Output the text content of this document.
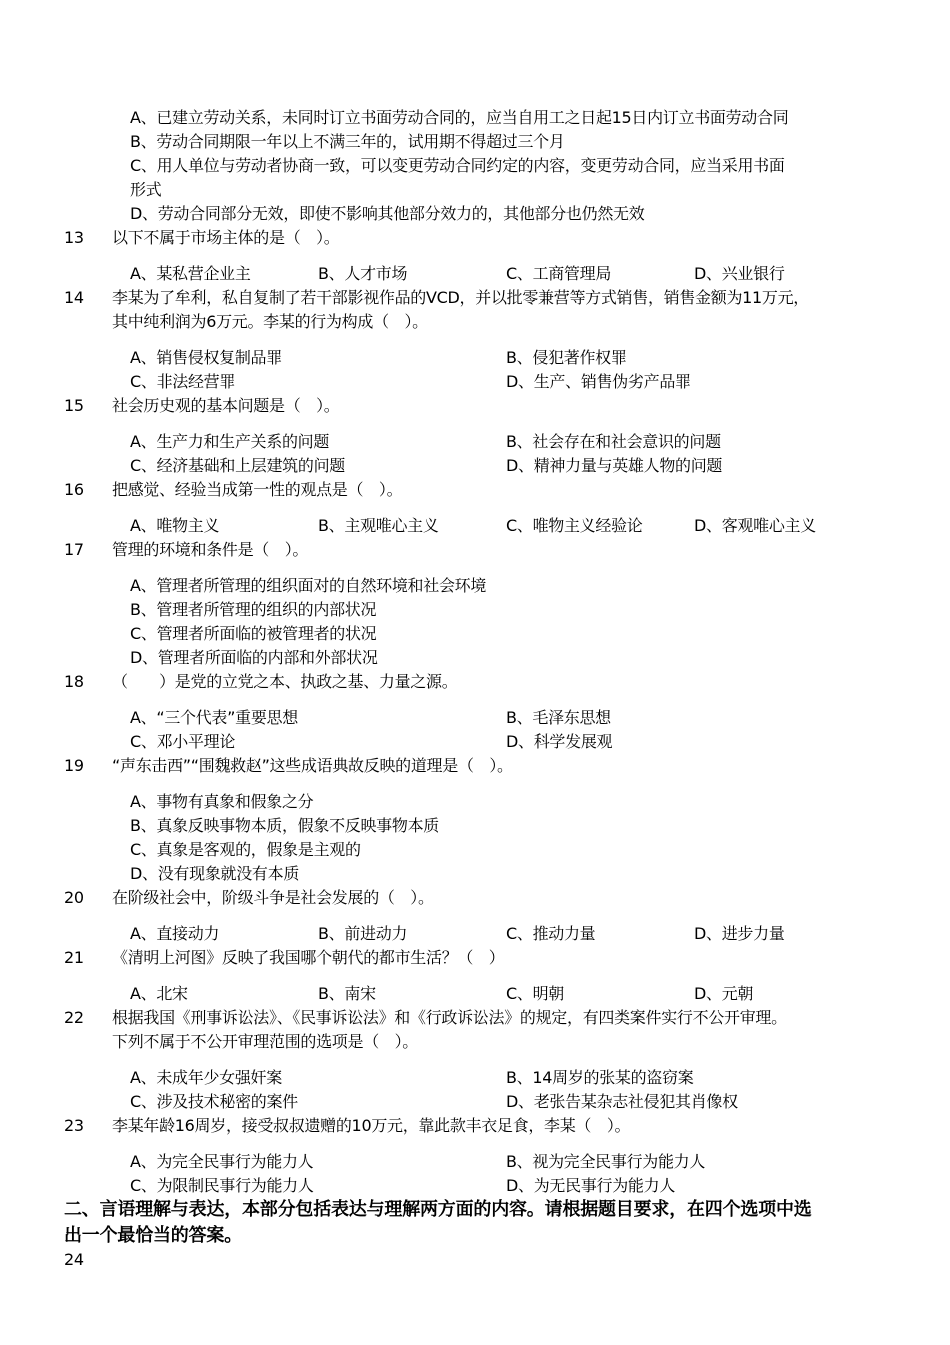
A、已建立劳动关系，未同时订立书面劳动合同的，应当自用工之日起15日内订立书面劳动合同
B、劳动合同期限一年以上不满三年的，试用期不得超过三个月
C、用人单位与劳动者协商一致，可以变更劳动合同约定的内容，变更劳动合同，应当采用书面
形式
D、劳动合同部分无效，即使不影响其他部分效力的，其他部分也仍然无效
13 以下不属于市场主体的是（　）。
A、某私营企业主	B、人才市场	C、工商管理局	D、兴业银行
14 李某为了牟利，私自复制了若干部影视作品的VCD，并以批零兼营等方式销售，销售金额为11万元，
其中纯利润为6万元。李某的行为构成（　）。
A、销售侵权复制品罪	B、侵犯著作权罪
C、非法经营罪	D、生产、销售伪劣产品罪
15 社会历史观的基本问题是（　）。
A、生产力和生产关系的问题	B、社会存在和社会意识的问题
C、经济基础和上层建筑的问题	D、精神力量与英雄人物的问题
16 把感觉、经验当成第一性的观点是（　）。
A、唯物主义	B、主观唯心主义	C、唯物主义经验论	D、客观唯心主义
17 管理的环境和条件是（　）。
A、管理者所管理的组织面对的自然环境和社会环境
B、管理者所管理的组织的内部状况
C、管理者所面临的被管理者的状况
D、管理者所面临的内部和外部状况
18 （　　）是党的立党之本、执政之基、力量之源。
A、“三个代表”重要思想	B、毛泽东思想
C、邓小平理论	D、科学发展观
19 “声东击西”“围魏救赵”这些成语典故反映的道理是（　）。
A、事物有真象和假象之分
B、真象反映事物本质，假象不反映事物本质
C、真象是客观的，假象是主观的
D、没有现象就没有本质
20 在阶级社会中，阶级斗争是社会发展的（　）。
A、直接动力	B、前进动力	C、推动力量	D、进步力量
21 《清明上河图》反映了我国哪个朝代的都市生活？（　）
A、北宋	B、南宋	C、明朝	D、元朝
22 根据我国《刑事诉讼法》、《民事诉讼法》和《行政诉讼法》的规定，有四类案件实行不公开审理。
下列不属于不公开审理范围的选项是（　）。
A、未成年少女强奸案	B、14周岁的张某的盗窃案
C、涉及技术秘密的案件	D、老张告某杂志社侵犯其肖像权
23 李某年龄16周岁，接受叔叔遗赠的10万元，靠此款丰衣足食，李某（　）。
A、为完全民事行为能力人	B、视为完全民事行为能力人
C、为限制民事行为能力人	D、为无民事行为能力人
二、言语理解与表达，本部分包括表达与理解两方面的内容。请根据题目要求，在四个选项中选
出一个最恰当的答案。
24
